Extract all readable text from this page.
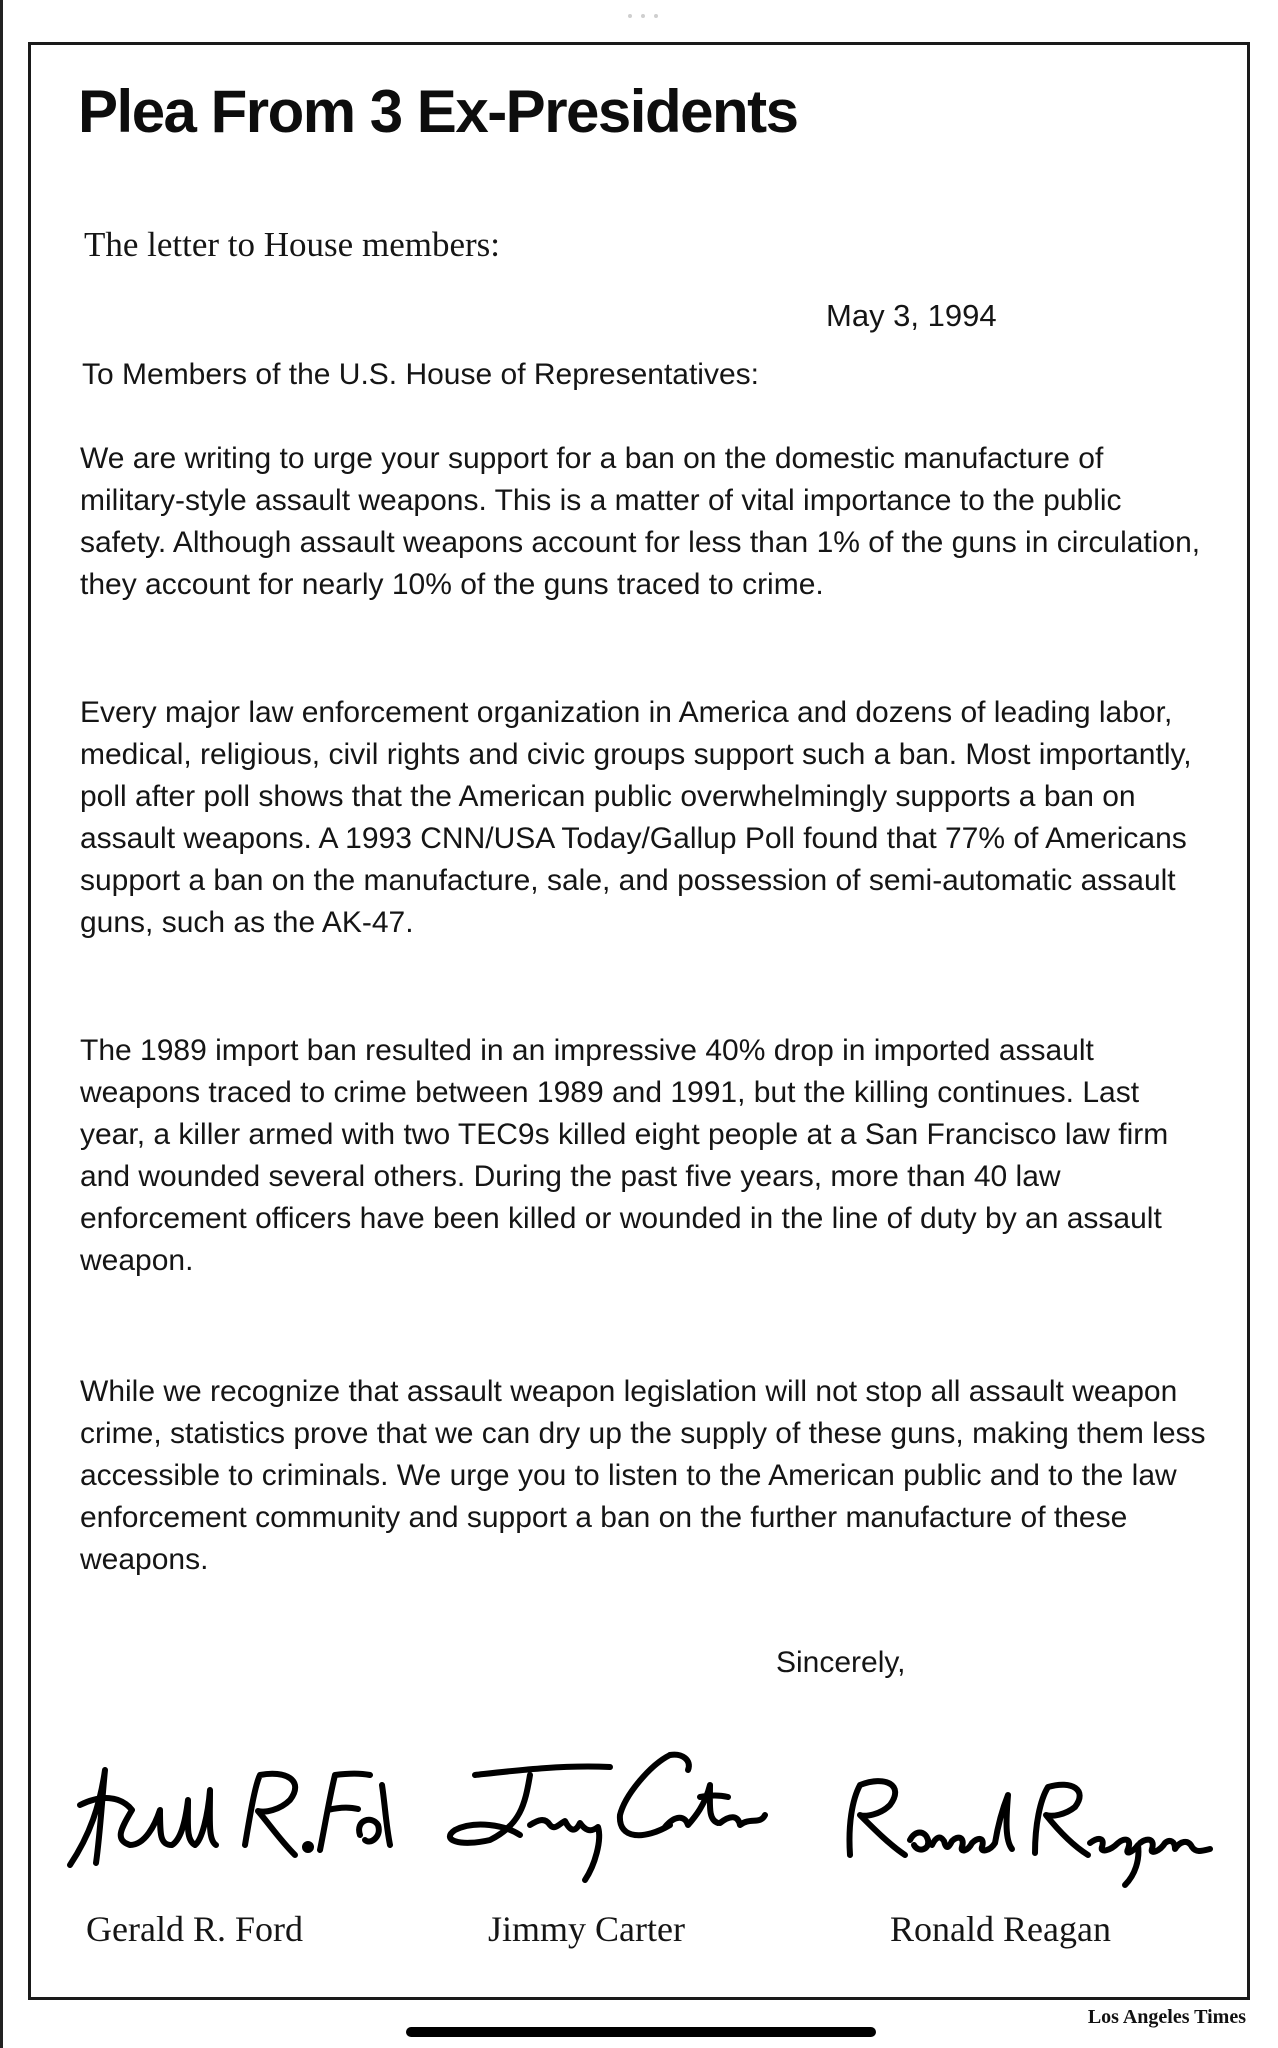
Plea From 3 Ex-Presidents
The letter to House members:
May 3, 1994
To Members of the U.S. House of Representatives:

We are writing to urge your support for a ban on the domestic manufacture of military-style assault weapons. This is a matter of vital importance to the public safety. Although assault weapons account for less than 1% of the guns in circulation, they account for nearly 10% of the guns traced to crime.

Every major law enforcement organization in America and dozens of leading labor, medical, religious, civil rights and civic groups support such a ban. Most importantly, poll after poll shows that the American public overwhelmingly supports a ban on assault weapons. A 1993 CNN/USA Today/Gallup Poll found that 77% of Americans support a ban on the manufacture, sale, and possession of semi-automatic assault guns, such as the AK-47.

The 1989 import ban resulted in an impressive 40% drop in imported assault weapons traced to crime between 1989 and 1991, but the killing continues. Last year, a killer armed with two TEC9s killed eight people at a San Francisco law firm and wounded several others. During the past five years, more than 40 law enforcement officers have been killed or wounded in the line of duty by an assault weapon.

While we recognize that assault weapon legislation will not stop all assault weapon crime, statistics prove that we can dry up the supply of these guns, making them less accessible to criminals. We urge you to listen to the American public and to the law enforcement community and support a ban on the further manufacture of these weapons.

Sincerely,
Gerald R. Ford	Jimmy Carter	Ronald Reagan
Los Angeles Times
